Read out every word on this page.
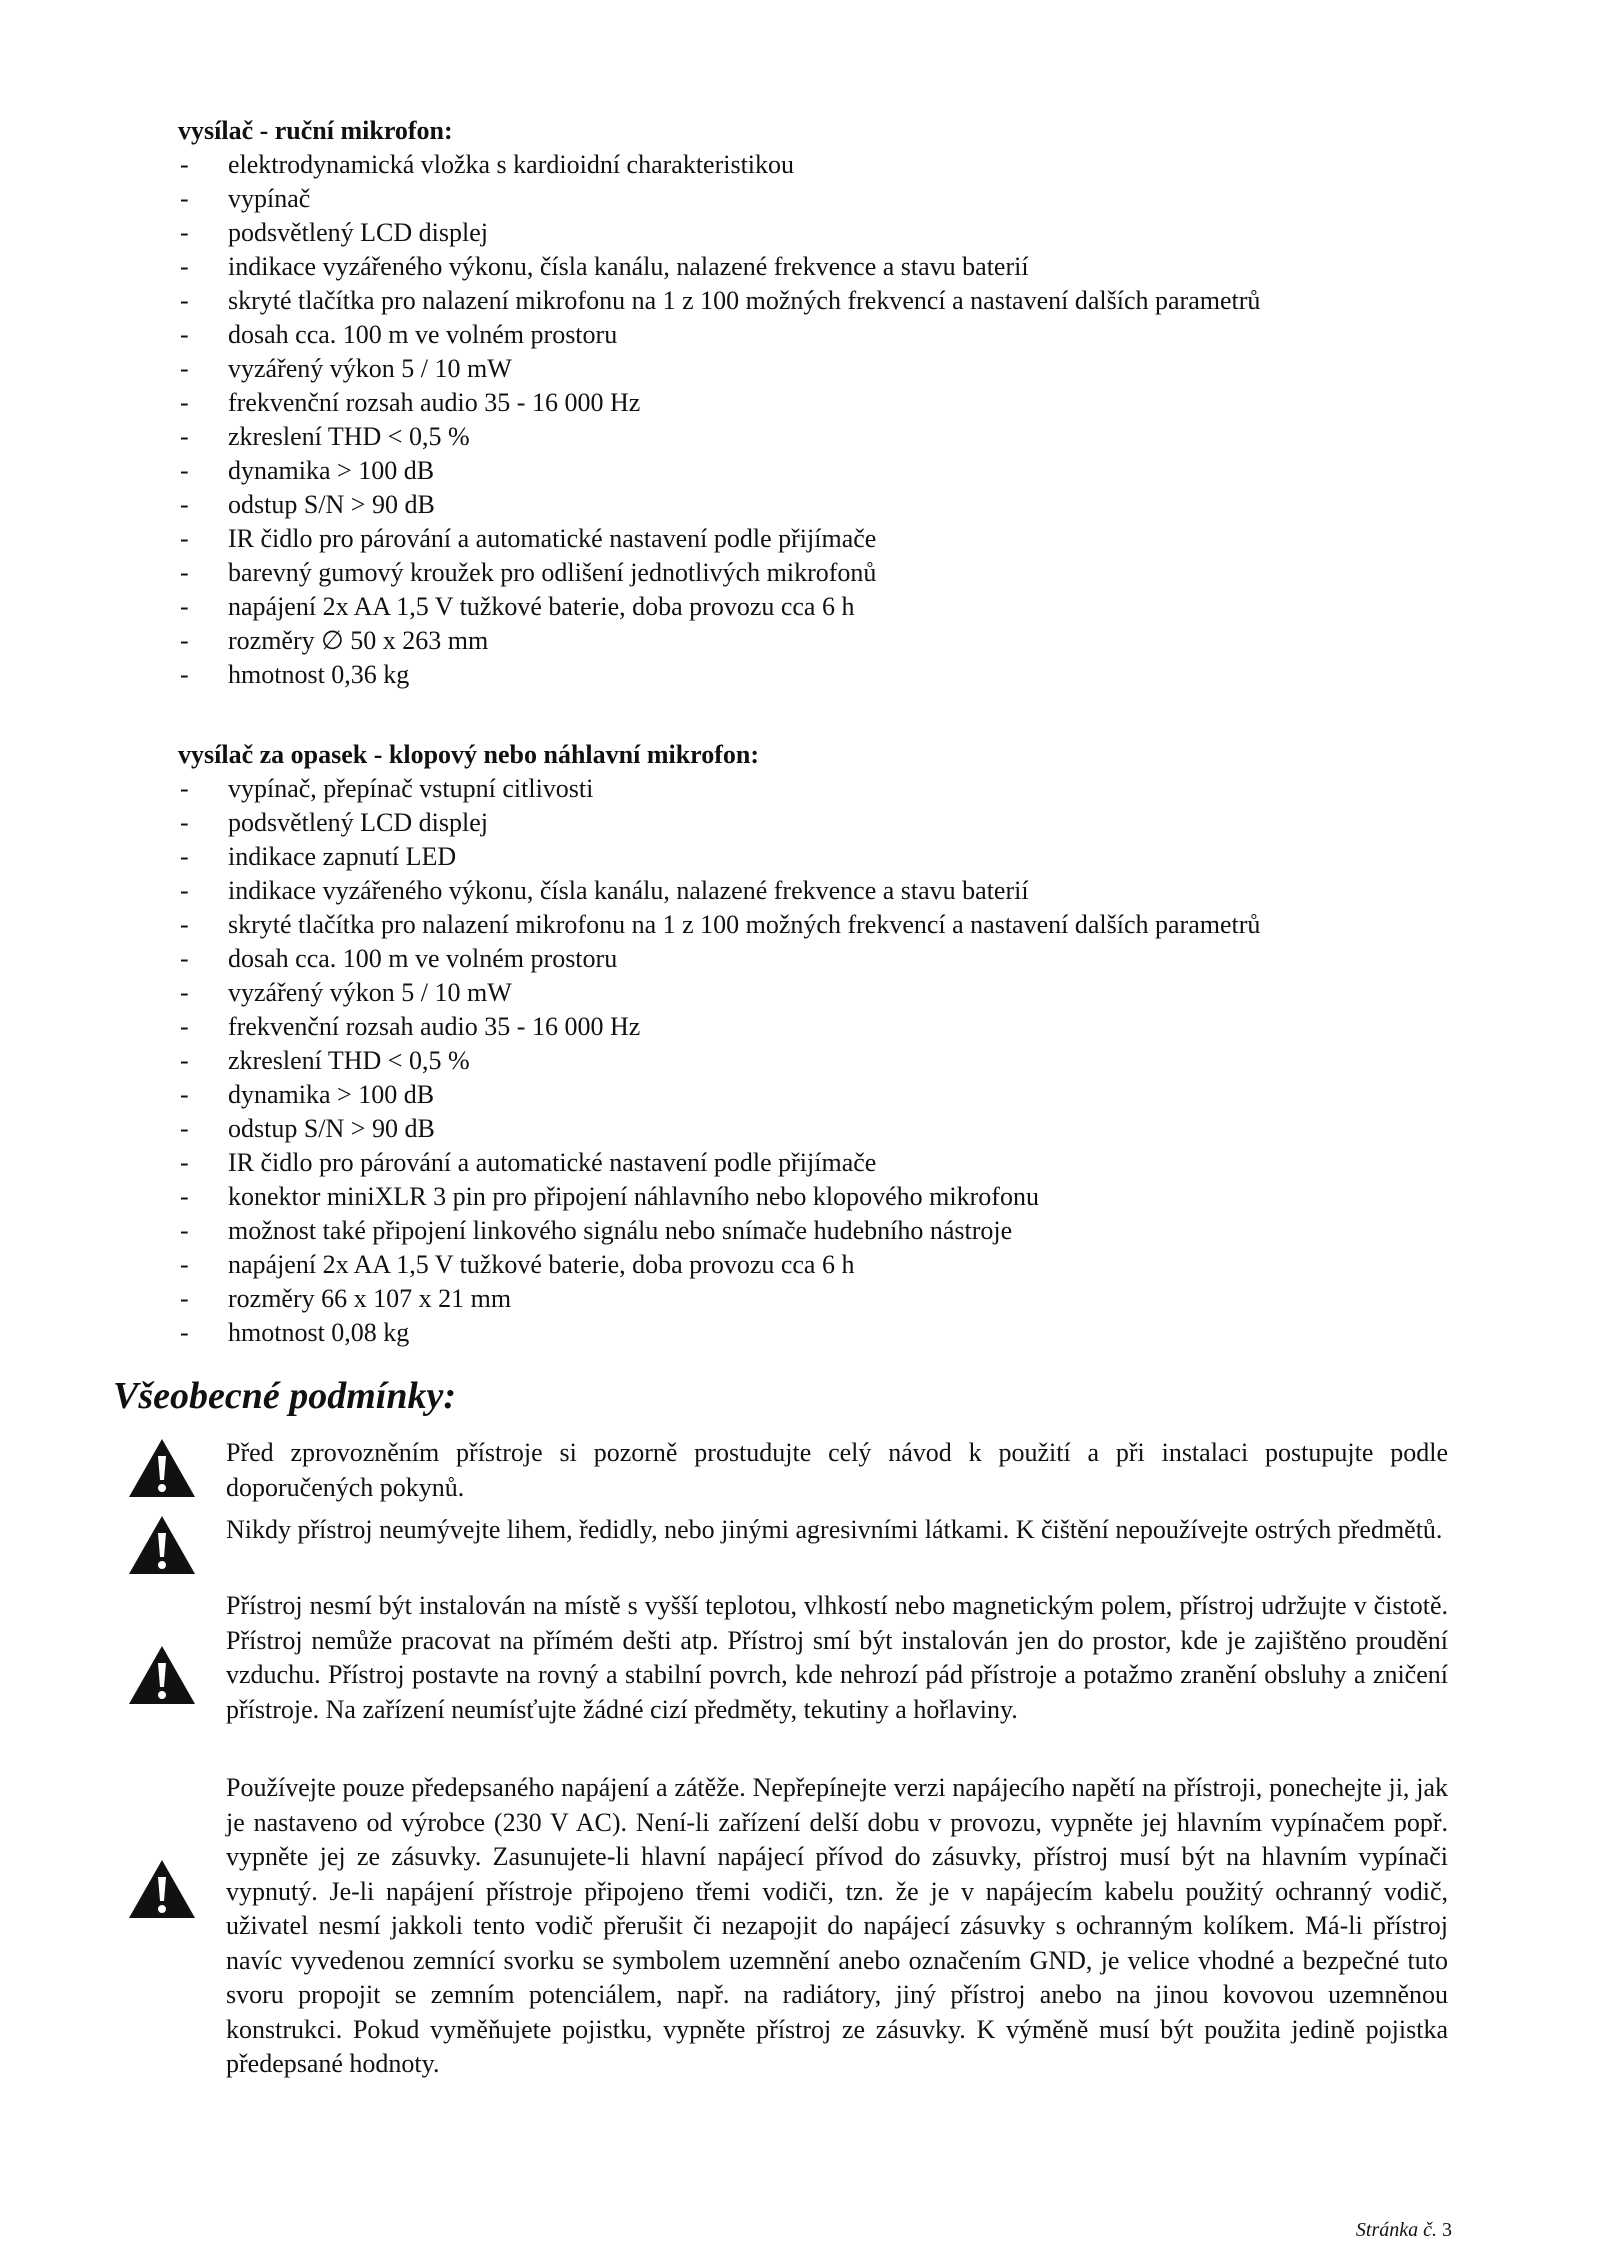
vysílač - ruční mikrofon:

- elektrodynamická vložka s kardioidní charakteristikou
- vypínač
- podsvětlený LCD displej
- indikace vyzářeného výkonu, čísla kanálu, nalazené frekvence a stavu baterií
- skryté tlačítka pro nalazení mikrofonu na 1 z 100 možných frekvencí a nastavení dalších parametrů
- dosah cca. 100 m ve volném prostoru
- vyzářený výkon 5 / 10 mW
- frekvenční rozsah audio 35 - 16 000 Hz
- zkreslení THD < 0,5 %
- dynamika > 100 dB
- odstup S/N > 90 dB
- IR čidlo pro párování a automatické nastavení podle přijímače
- barevný gumový kroužek pro odlišení jednotlivých mikrofonů
- napájení 2x AA 1,5 V tužkové baterie, doba provozu cca 6 h
- rozměry ∅ 50 x 263 mm
- hmotnost 0,36 kg

vysílač za opasek - klopový nebo náhlavní mikrofon:

- vypínač, přepínač vstupní citlivosti
- podsvětlený LCD displej
- indikace zapnutí LED
- indikace vyzářeného výkonu, čísla kanálu, nalazené frekvence a stavu baterií
- skryté tlačítka pro nalazení mikrofonu na 1 z 100 možných frekvencí a nastavení dalších parametrů
- dosah cca. 100 m ve volném prostoru
- vyzářený výkon 5 / 10 mW
- frekvenční rozsah audio 35 - 16 000 Hz
- zkreslení THD < 0,5 %
- dynamika > 100 dB
- odstup S/N > 90 dB
- IR čidlo pro párování a automatické nastavení podle přijímače
- konektor miniXLR 3 pin pro připojení náhlavního nebo klopového mikrofonu
- možnost také připojení linkového signálu nebo snímače hudebního nástroje
- napájení 2x AA 1,5 V tužkové baterie, doba provozu cca 6 h
- rozměry 66 x 107 x 21 mm
- hmotnost 0,08 kg
Všeobecné podmínky:

Před zprovozněním přístroje si pozorně prostudujte celý návod k použití a při instalaci postupujte podle doporučených pokynů.

Nikdy přístroj neumývejte lihem, ředidly, nebo jinými agresivními látkami. K čištění nepoužívejte ostrých předmětů.

Přístroj nesmí být instalován na místě s vyšší teplotou, vlhkostí nebo magnetickým polem, přístroj udržujte v čistotě. Přístroj nemůže pracovat na přímém dešti atp. Přístroj smí být instalován jen do prostor, kde je zajištěno proudění vzduchu. Přístroj postavte na rovný a stabilní povrch, kde nehrozí pád přístroje a potažmo zranění obsluhy a zničení přístroje. Na zařízení neumísťujte žádné cizí předměty, tekutiny a hořlaviny.

Používejte pouze předepsaného napájení a zátěže. Nepřepínejte verzi napájecího napětí na přístroji, ponechejte ji, jak je nastaveno od výrobce (230 V AC). Není-li zařízení delší dobu v provozu, vypněte jej hlavním vypínačem popř. vypněte jej ze zásuvky. Zasunujete-li hlavní napájecí přívod do zásuvky, přístroj musí být na hlavním vypínači vypnutý. Je-li napájení přístroje připojeno třemi vodiči, tzn. že je v napájecím kabelu použitý ochranný vodič, uživatel nesmí jakkoli tento vodič přerušit či nezapojit do napájecí zásuvky s ochranným kolíkem. Má-li přístroj navíc vyvedenou zemnící svorku se symbolem uzemnění anebo označením GND, je velice vhodné a bezpečné tuto svoru propojit se zemním potenciálem, např. na radiátory, jiný přístroj anebo na jinou kovovou uzemněnou konstrukci. Pokud vyměňujete pojistku, vypněte přístroj ze zásuvky. K výměně musí být použita jedině pojistka předepsané hodnoty.

Stránka č. 3
